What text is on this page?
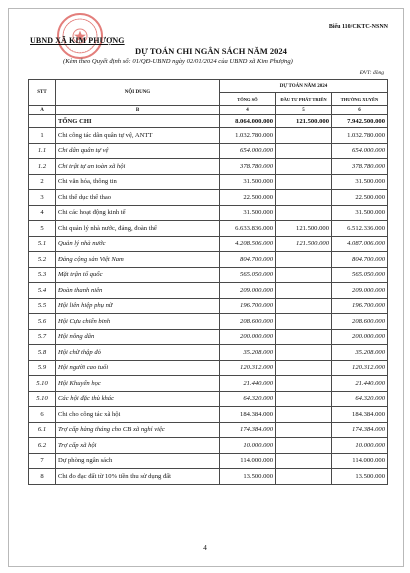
Biểu 110/CKTC-NSNN
UBND XÃ KIM PHƯỢNG
DỰ TOÁN CHI NGÂN SÁCH NĂM 2024
(Kèm theo Quyết định số: 01/QĐ-UBND ngày 02/01/2024 của UBND xã Kim Phượng)
ĐVT: đồng
STT	NỘI DUNG	DỰ TOÁN NĂM 2024		
		TỔNG SỐ	ĐẦU TƯ PHÁT TRIỂN	THƯỜNG XUYÊN
A	B	4	5	6
	TỔNG CHI	8.064.000.000	121.500.000	7.942.500.000
1	Chi công tác dân quân tự vệ, ANTT	1.032.780.000		1.032.780.000
1.1	Chi dân quân tự vệ	654.000.000		654.000.000
1.2	Chi trật tự an toàn xã hội	378.780.000		378.780.000
2	Chi văn hóa, thông tin	31.500.000		31.500.000
3	Chi thể dục thể thao	22.500.000		22.500.000
4	Chi các hoạt động kinh tế	31.500.000		31.500.000
5	Chi quản lý nhà nước, đảng, đoàn thể	6.633.836.000	121.500.000	6.512.336.000
5.1	Quản lý nhà nước	4.208.506.000	121.500.000	4.087.006.000
5.2	Đảng cộng sản Việt Nam	804.700.000		804.700.000
5.3	Mặt trận tổ quốc	565.050.000		565.050.000
5.4	Đoàn thanh niên	209.000.000		209.000.000
5.5	Hội liên hiệp phụ nữ	196.700.000		196.700.000
5.6	Hội Cựu chiến binh	208.600.000		208.600.000
5.7	Hội nông dân	200.000.000		200.000.000
5.8	Hội chữ thập đỏ	35.208.000		35.208.000
5.9	Hội người cao tuổi	120.312.000		120.312.000
5.10	Hội Khuyến học	21.440.000		21.440.000
5.10	Các hội đặc thù khác	64.320.000		64.320.000
6	Chi cho công tác xã hội	184.384.000		184.384.000
6.1	Trợ cấp hàng tháng cho CB xã nghỉ việc	174.384.000		174.384.000
6.2	Trợ cấp xã hội	10.000.000		10.000.000
7	Dự phòng ngân sách	114.000.000		114.000.000
8	Chi đo đạc đất từ 10% tiền thu sử dụng đất	13.500.000		13.500.000
4
